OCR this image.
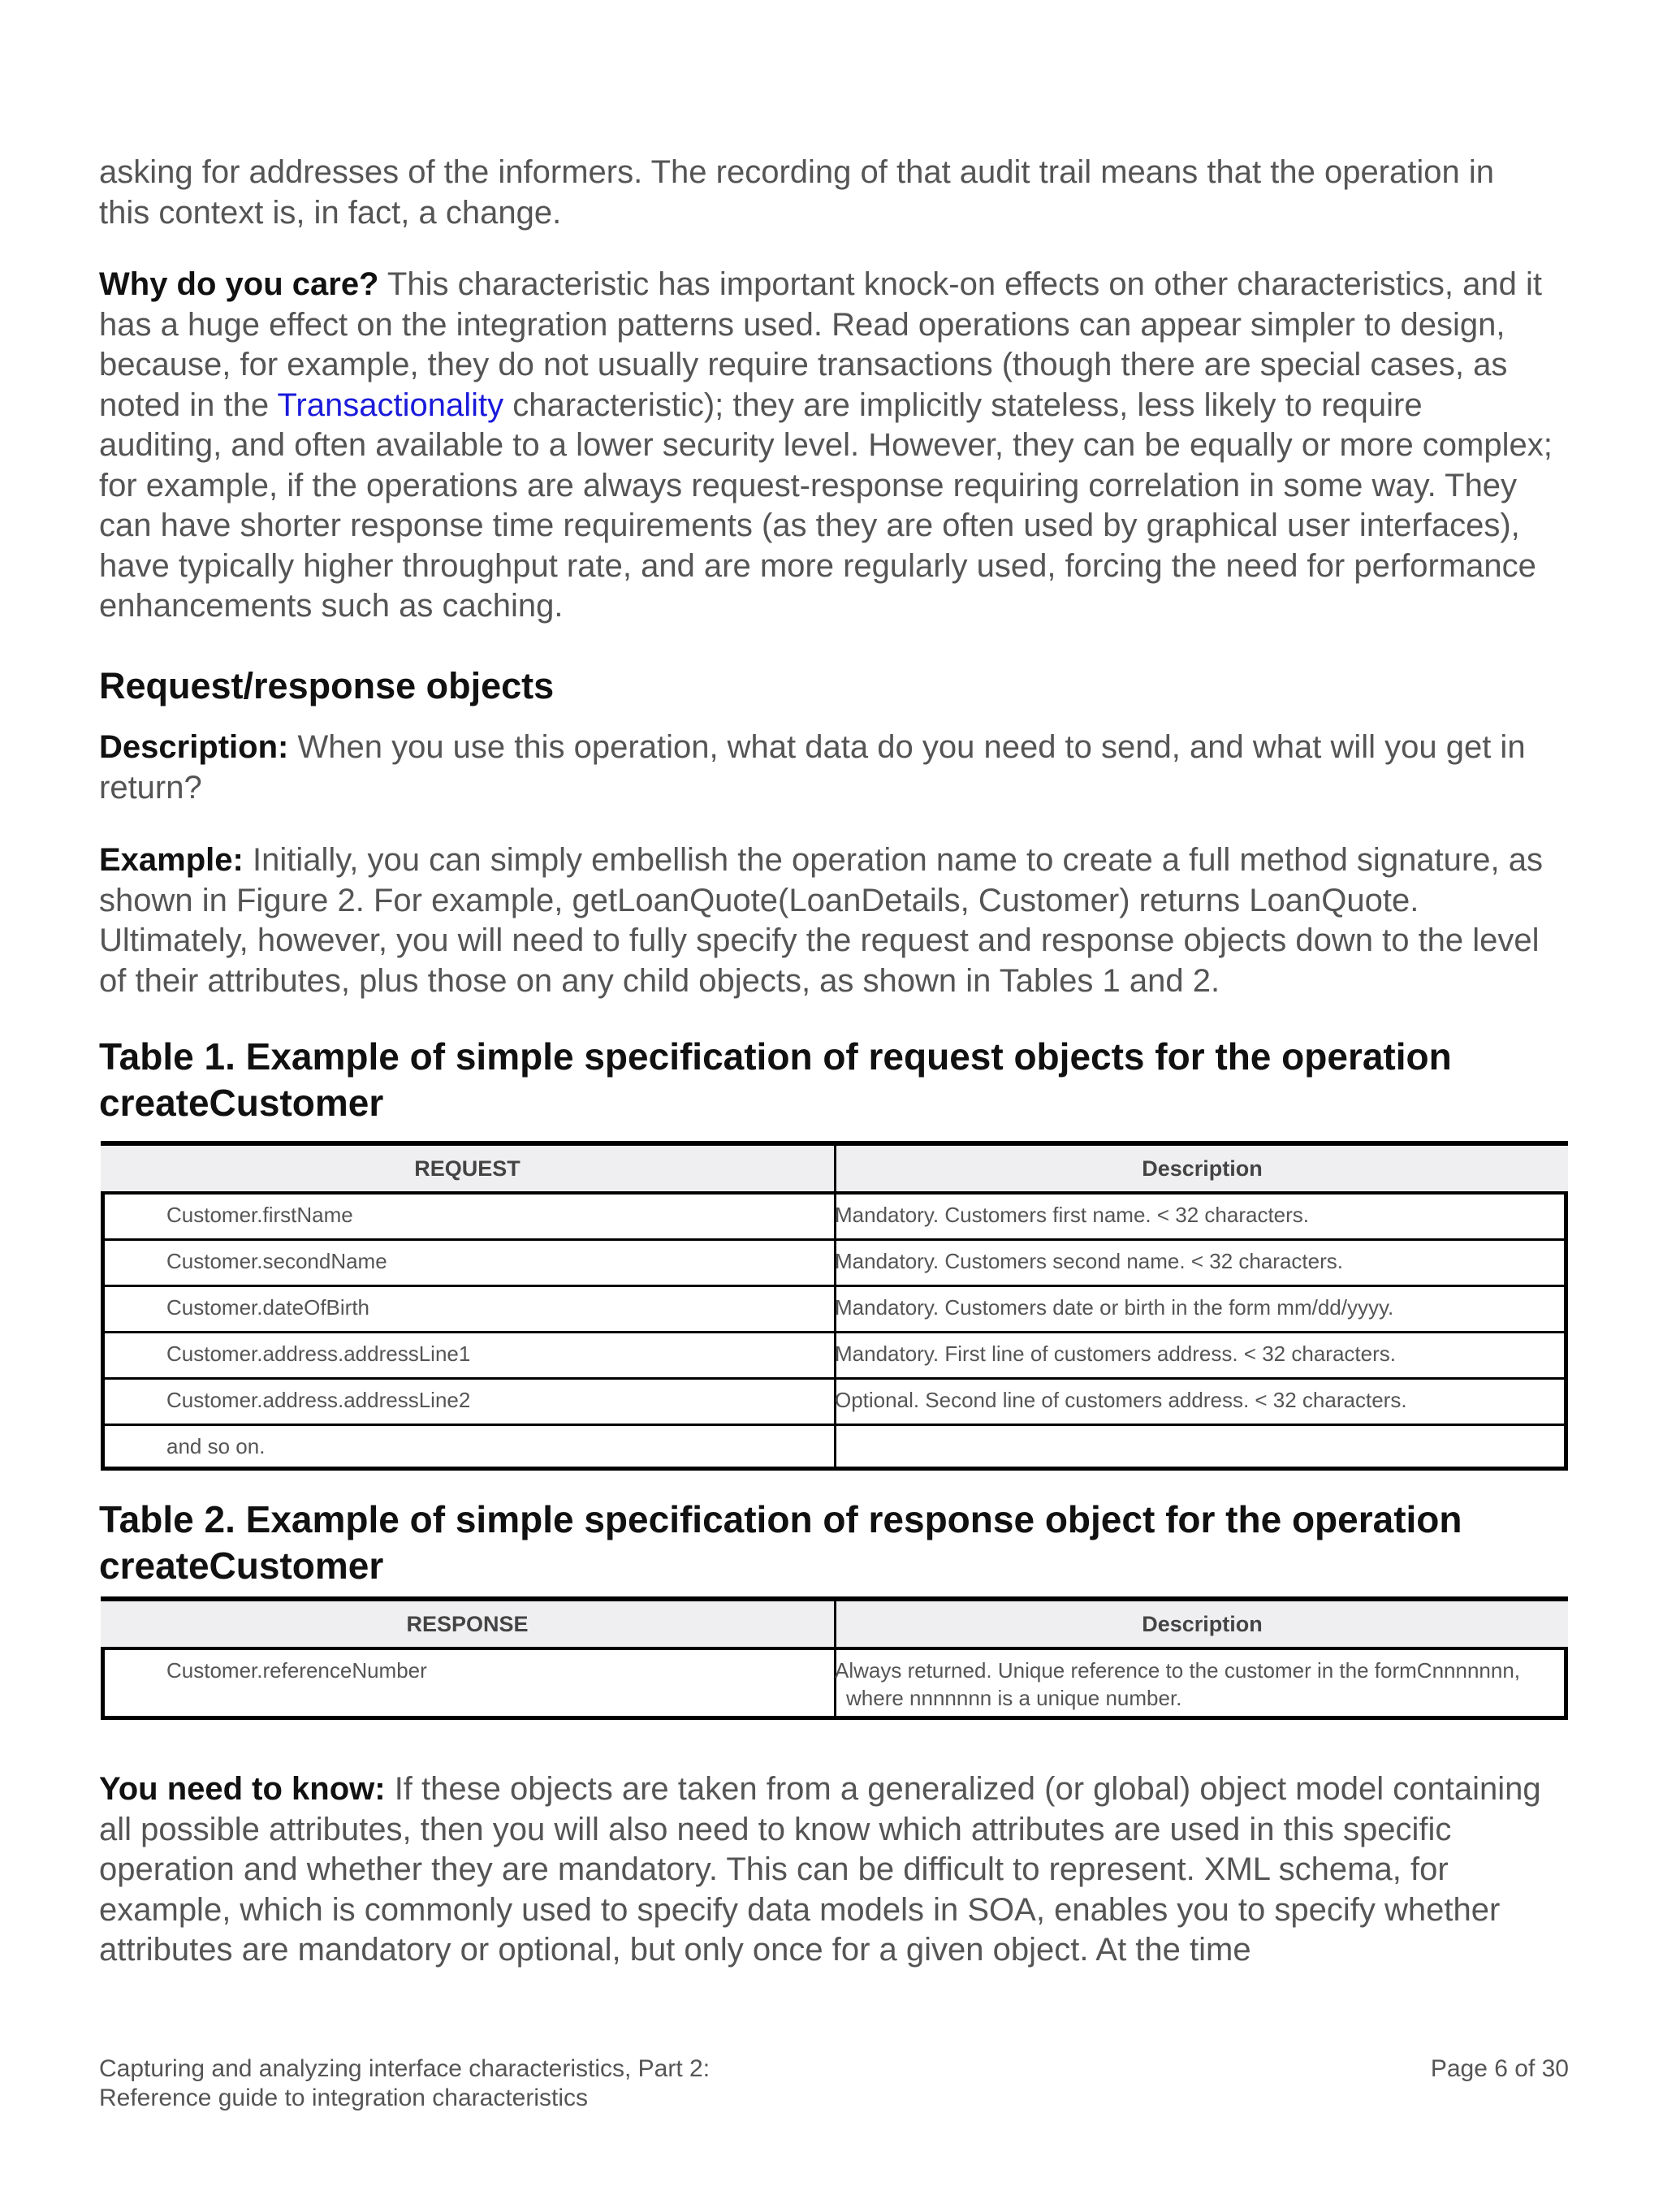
asking for addresses of the informers. The recording of that audit trail means that the operation in this context is, in fact, a change.

Why do you care? This characteristic has important knock-on effects on other characteristics, and it has a huge effect on the integration patterns used. Read operations can appear simpler to design, because, for example, they do not usually require transactions (though there are special cases, as noted in the Transactionality characteristic); they are implicitly stateless, less likely to require auditing, and often available to a lower security level. However, they can be equally or more complex; for example, if the operations are always request-response requiring correlation in some way. They can have shorter response time requirements (as they are often used by graphical user interfaces), have typically higher throughput rate, and are more regularly used, forcing the need for performance enhancements such as caching.

Request/response objects

Description: When you use this operation, what data do you need to send, and what will you get in return?

Example: Initially, you can simply embellish the operation name to create a full method signature, as shown in Figure 2. For example, getLoanQuote(LoanDetails, Customer) returns LoanQuote. Ultimately, however, you will need to fully specify the request and response objects down to the level of their attributes, plus those on any child objects, as shown in Tables 1 and 2.

Table 1. Example of simple specification of request objects for the operation createCustomer
REQUEST	Description
Customer.firstName	Mandatory. Customers first name. < 32 characters.
Customer.secondName	Mandatory. Customers second name. < 32 characters.
Customer.dateOfBirth	Mandatory. Customers date or birth in the form mm/dd/yyyy.
Customer.address.addressLine1	Mandatory. First line of customers address. < 32 characters.
Customer.address.addressLine2	Optional. Second line of customers address. < 32 characters.
and so on.
Table 2. Example of simple specification of response object for the operation createCustomer
RESPONSE	Description
Customer.referenceNumber	Always returned. Unique reference to the customer in the formCnnnnnnn,
where nnnnnnn is a unique number.

You need to know: If these objects are taken from a generalized (or global) object model containing all possible attributes, then you will also need to know which attributes are used in this specific operation and whether they are mandatory. This can be difficult to represent. XML schema, for example, which is commonly used to specify data models in SOA, enables you to specify whether attributes are mandatory or optional, but only once for a given object. At the time

Capturing and analyzing interface characteristics, Part 2:
Reference guide to integration characteristics
Page 6 of 30
